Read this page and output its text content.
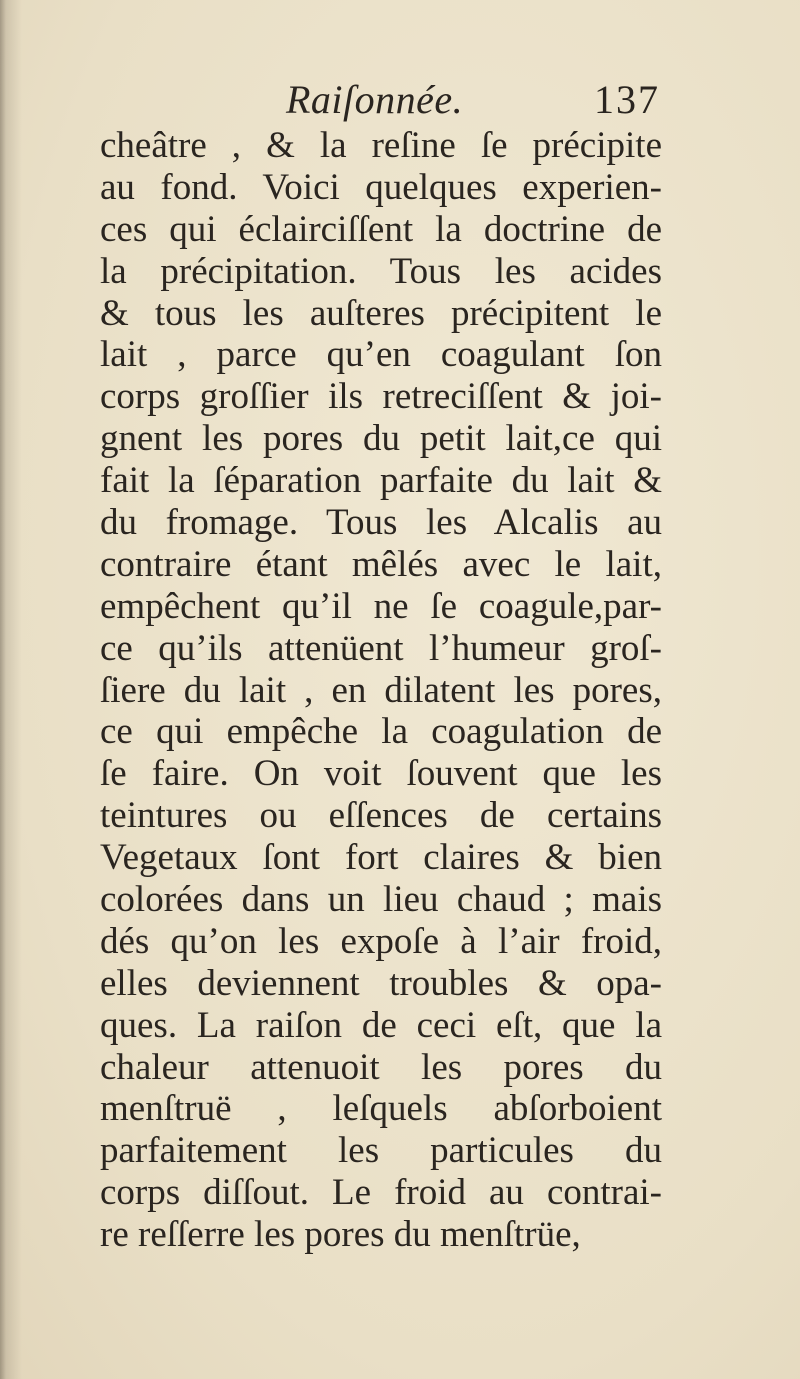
Raiſonnée.	137
cheâtre , & la reſine ſe précipite
au fond. Voici quelques experien-
ces qui éclairciſſent la doctrine de
la précipitation. Tous les acides
& tous les auſteres précipitent le
lait , parce qu’en coagulant ſon
corps groſſier ils retreciſſent & joi-
gnent les pores du petit lait,ce qui
fait la ſéparation parfaite du lait &
du fromage. Tous les Alcalis au
contraire étant mêlés avec le lait,
empêchent qu’il ne ſe coagule,par-
ce qu’ils attenüent l’humeur groſ-
ſiere du lait , en dilatent les pores,
ce qui empêche la coagulation de
ſe faire. On voit ſouvent que les
teintures ou eſſences de certains
Vegetaux ſont fort claires & bien
colorées dans un lieu chaud ; mais
dés qu’on les expoſe à l’air froid,
elles deviennent troubles & opa-
ques. La raiſon de ceci eſt, que la
chaleur attenuoit les pores du
menſtruë , leſquels abſorboient
parfaitement les particules du
corps diſſout. Le froid au contrai-
re reſſerre les pores du menſtrüe,
